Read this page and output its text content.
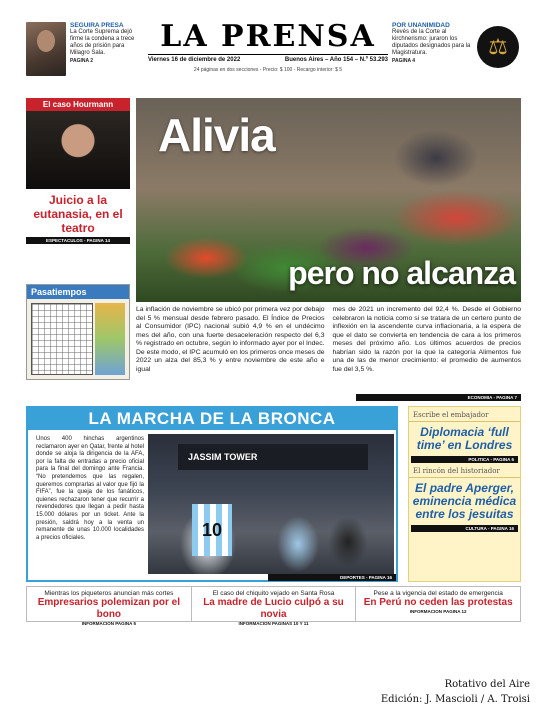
SEGUIRA PRESA
La Corte Suprema dejó firme la condena a trece años de prisión para Milagro Sala.
PAGINA 2
LA PRENSA
Viernes 16 de diciembre de 2022	Buenos Aires – Año 154 – N.º 53.293
24 páginas en dos secciones - Precio: $ 100 - Recargo interior: $ 5
⚖
POR UNANIMIDAD
Revés de la Corte al kirchnerismo: juraron los diputados designados para la Magistratura.
PAGINA 4
El caso Hourmann
Juicio a la eutanasia, en el teatro
ESPECTACULOS - PAGINA 14
Pasatiempos
Alivia
pero no alcanza

La inflación de noviembre se ubicó por primera vez por debajo del 5 % mensual desde febrero pasado. El Índice de Precios al Consumidor (IPC) nacional subió 4,9 % en el undécimo mes del año, con una fuerte desaceleración respecto del 6,3 % registrado en octubre, según lo informado ayer por el Indec. De este modo, el IPC acumuló en los primeros once meses de 2022 un alza del 85,3 % y entre noviembre de este año e igual

mes de 2021 un incremento del 92,4 %. Desde el Gobierno celebraron la noticia como si se tratara de un certero punto de inflexión en la ascendente curva inflacionaria, a la espera de que el dato se convierta en tendencia de cara a los primeros meses del próximo año. Los últimos acuerdos de precios habrían sido la razón por la que la categoría Alimentos fue una de las de menor crecimiento: el promedio de aumentos fue del 3,5 %.

ECONOMIA - PAGINA 7
LA MARCHA DE LA BRONCA
Unos 400 hinchas argentinos reclamaron ayer en Qatar, frente al hotel donde se aloja la dirigencia de la AFA, por la falta de entradas a precio oficial para la final del domingo ante Francia. “No pretendemos que las regalen, queremos comprarlas al valor que fijó la FIFA”, fue la queja de los fanáticos, quienes rechazaron tener que recurrir a revendedores que llegan a pedir hasta 15.000 dólares por un ticket. Ante la presión, saldrá hoy a la venta un remanente de unas 10.000 localidades a precios oficiales.
JASSIM TOWER
10
DEPORTES - PAGINA 16
Escribe el embajador
Diplomacia ‘full time’ en Londres
POLITICA - PAGINA 6
El rincón del historiador
El padre Aperger, eminencia médica entre los jesuitas
CULTURA - PAGINA 16
Mientras los piqueteros anuncian más cortes
Empresarios polemizan por el bono
INFORMACION PAGINA 5
El caso del chiquito vejado en Santa Rosa
La madre de Lucio culpó a su novia
INFORMACION PAGINAS 10 Y 11
Pese a la vigencia del estado de emergencia
En Perú no ceden las protestas
INFORMACION PAGINA 12
Rotativo del Aire
Edición: J. Mascioli / A. Troisi
